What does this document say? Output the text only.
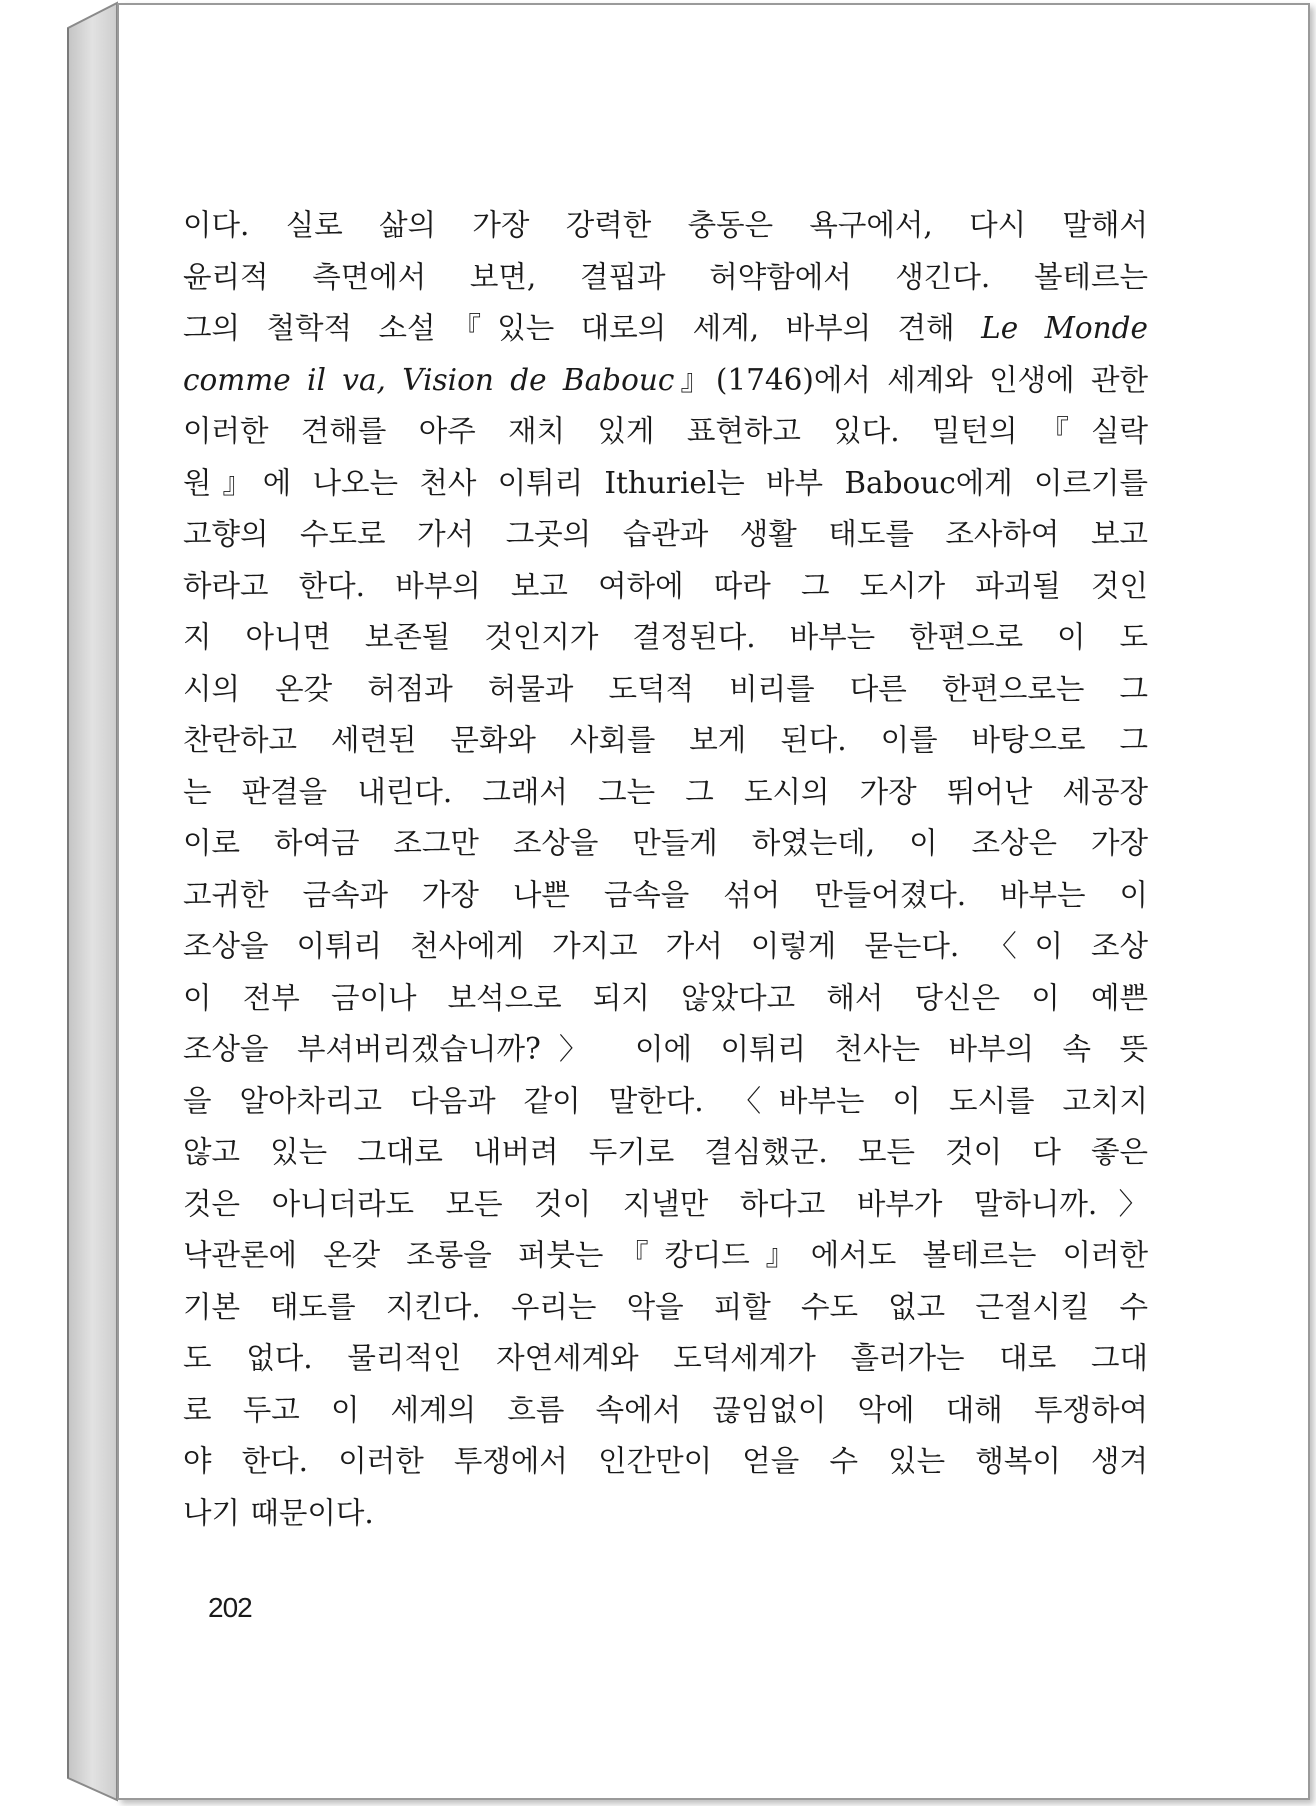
이다. 실로 삶의 가장 강력한 충동은 욕구에서, 다시 말해서
윤리적 측면에서 보면, 결핍과 허약함에서 생긴다. 볼테르는
그의 철학적 소설『있는 대로의 세계, 바부의 견해 Le Monde
comme il va, Vision de Babouc』(1746)에서 세계와 인생에 관한
이러한 견해를 아주 재치 있게 표현하고 있다. 밀턴의『실락
원』에 나오는 천사 이튀리 Ithuriel는 바부 Babouc에게 이르기를
고향의 수도로 가서 그곳의 습관과 생활 태도를 조사하여 보고
하라고 한다. 바부의 보고 여하에 따라 그 도시가 파괴될 것인
지 아니면 보존될 것인지가 결정된다. 바부는 한편으로 이 도
시의 온갖 허점과 허물과 도덕적 비리를 다른 한편으로는 그
찬란하고 세련된 문화와 사회를 보게 된다. 이를 바탕으로 그
는 판결을 내린다. 그래서 그는 그 도시의 가장 뛰어난 세공장
이로 하여금 조그만 조상을 만들게 하였는데, 이 조상은 가장
고귀한 금속과 가장 나쁜 금속을 섞어 만들어졌다. 바부는 이
조상을 이튀리 천사에게 가지고 가서 이렇게 묻는다. 〈이 조상
이 전부 금이나 보석으로 되지 않았다고 해서 당신은 이 예쁜
조상을 부셔버리겠습니까?〉 이에 이튀리 천사는 바부의 속 뜻
을 알아차리고 다음과 같이 말한다. 〈바부는 이 도시를 고치지
않고 있는 그대로 내버려 두기로 결심했군. 모든 것이 다 좋은
것은 아니더라도 모든 것이 지낼만 하다고 바부가 말하니까.〉
낙관론에 온갖 조롱을 퍼붓는『캉디드』에서도 볼테르는 이러한
기본 태도를 지킨다. 우리는 악을 피할 수도 없고 근절시킬 수
도 없다. 물리적인 자연세계와 도덕세계가 흘러가는 대로 그대
로 두고 이 세계의 흐름 속에서 끊임없이 악에 대해 투쟁하여
야 한다. 이러한 투쟁에서 인간만이 얻을 수 있는 행복이 생겨
나기 때문이다.
202
